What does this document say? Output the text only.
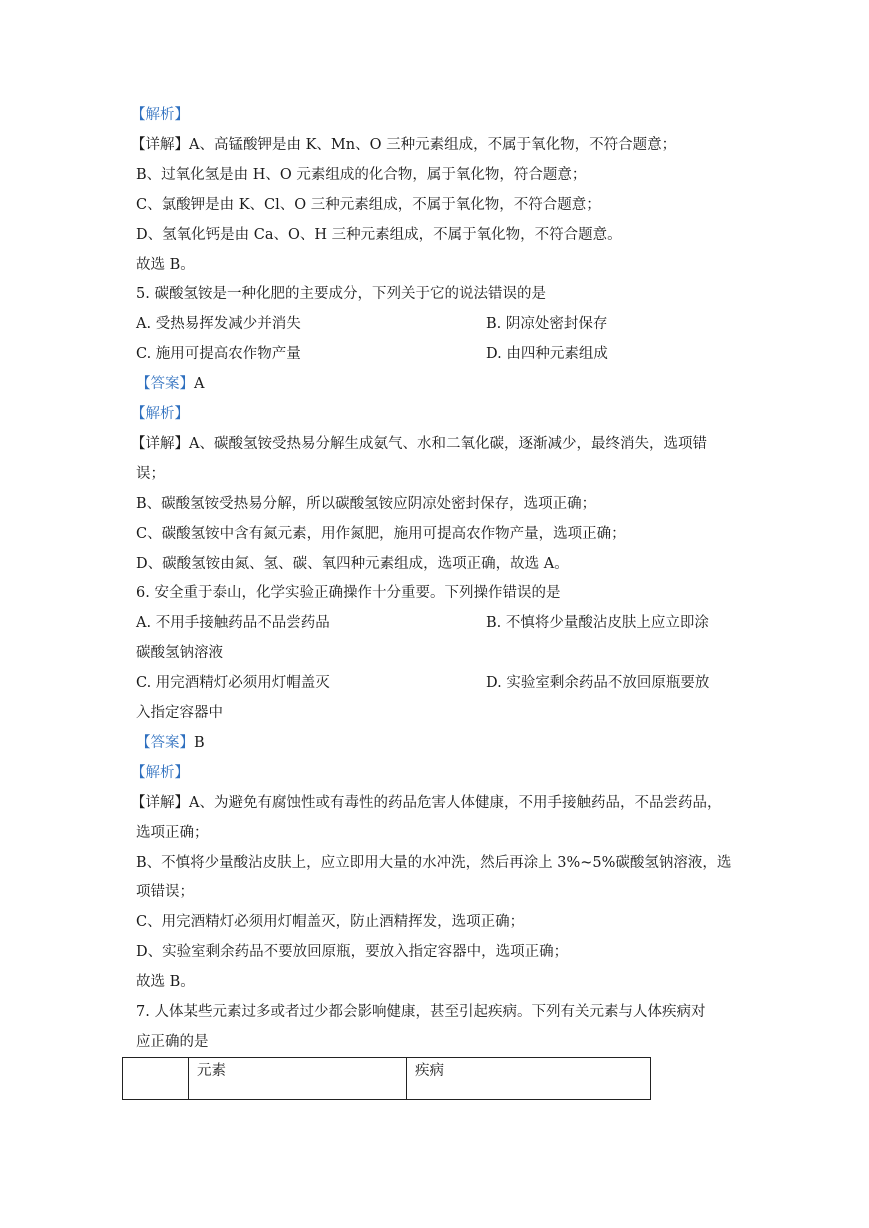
【解析】
【详解】A、高锰酸钾是由 K、Mn、O 三种元素组成，不属于氧化物，不符合题意；
B、过氧化氢是由 H、O 元素组成的化合物，属于氧化物，符合题意；
C、氯酸钾是由 K、Cl、O 三种元素组成，不属于氧化物，不符合题意；
D、氢氧化钙是由 Ca、O、H 三种元素组成，不属于氧化物，不符合题意。
故选 B。
5. 碳酸氢铵是一种化肥的主要成分，下列关于它的说法错误的是
A. 受热易挥发减少并消失	B. 阴凉处密封保存
C. 施用可提高农作物产量	D. 由四种元素组成
【答案】A
【解析】
【详解】A、碳酸氢铵受热易分解生成氨气、水和二氧化碳，逐渐减少，最终消失，选项错
误；
B、碳酸氢铵受热易分解，所以碳酸氢铵应阴凉处密封保存，选项正确；
C、碳酸氢铵中含有氮元素，用作氮肥，施用可提高农作物产量，选项正确；
D、碳酸氢铵由氮、氢、碳、氧四种元素组成，选项正确，故选 A。
6. 安全重于泰山，化学实验正确操作十分重要。下列操作错误的是
A. 不用手接触药品不品尝药品	B. 不慎将少量酸沾皮肤上应立即涂
碳酸氢钠溶液
C. 用完酒精灯必须用灯帽盖灭	D. 实验室剩余药品不放回原瓶要放
入指定容器中
【答案】B
【解析】
【详解】A、为避免有腐蚀性或有毒性的药品危害人体健康，不用手接触药品，不品尝药品，
选项正确；
B、不慎将少量酸沾皮肤上，应立即用大量的水冲洗，然后再涂上 3%~5%碳酸氢钠溶液，选
项错误；
C、用完酒精灯必须用灯帽盖灭，防止酒精挥发，选项正确；
D、实验室剩余药品不要放回原瓶，要放入指定容器中，选项正确；
故选 B。
7. 人体某些元素过多或者过少都会影响健康，甚至引起疾病。下列有关元素与人体疾病对
应正确的是
	元素	疾病
